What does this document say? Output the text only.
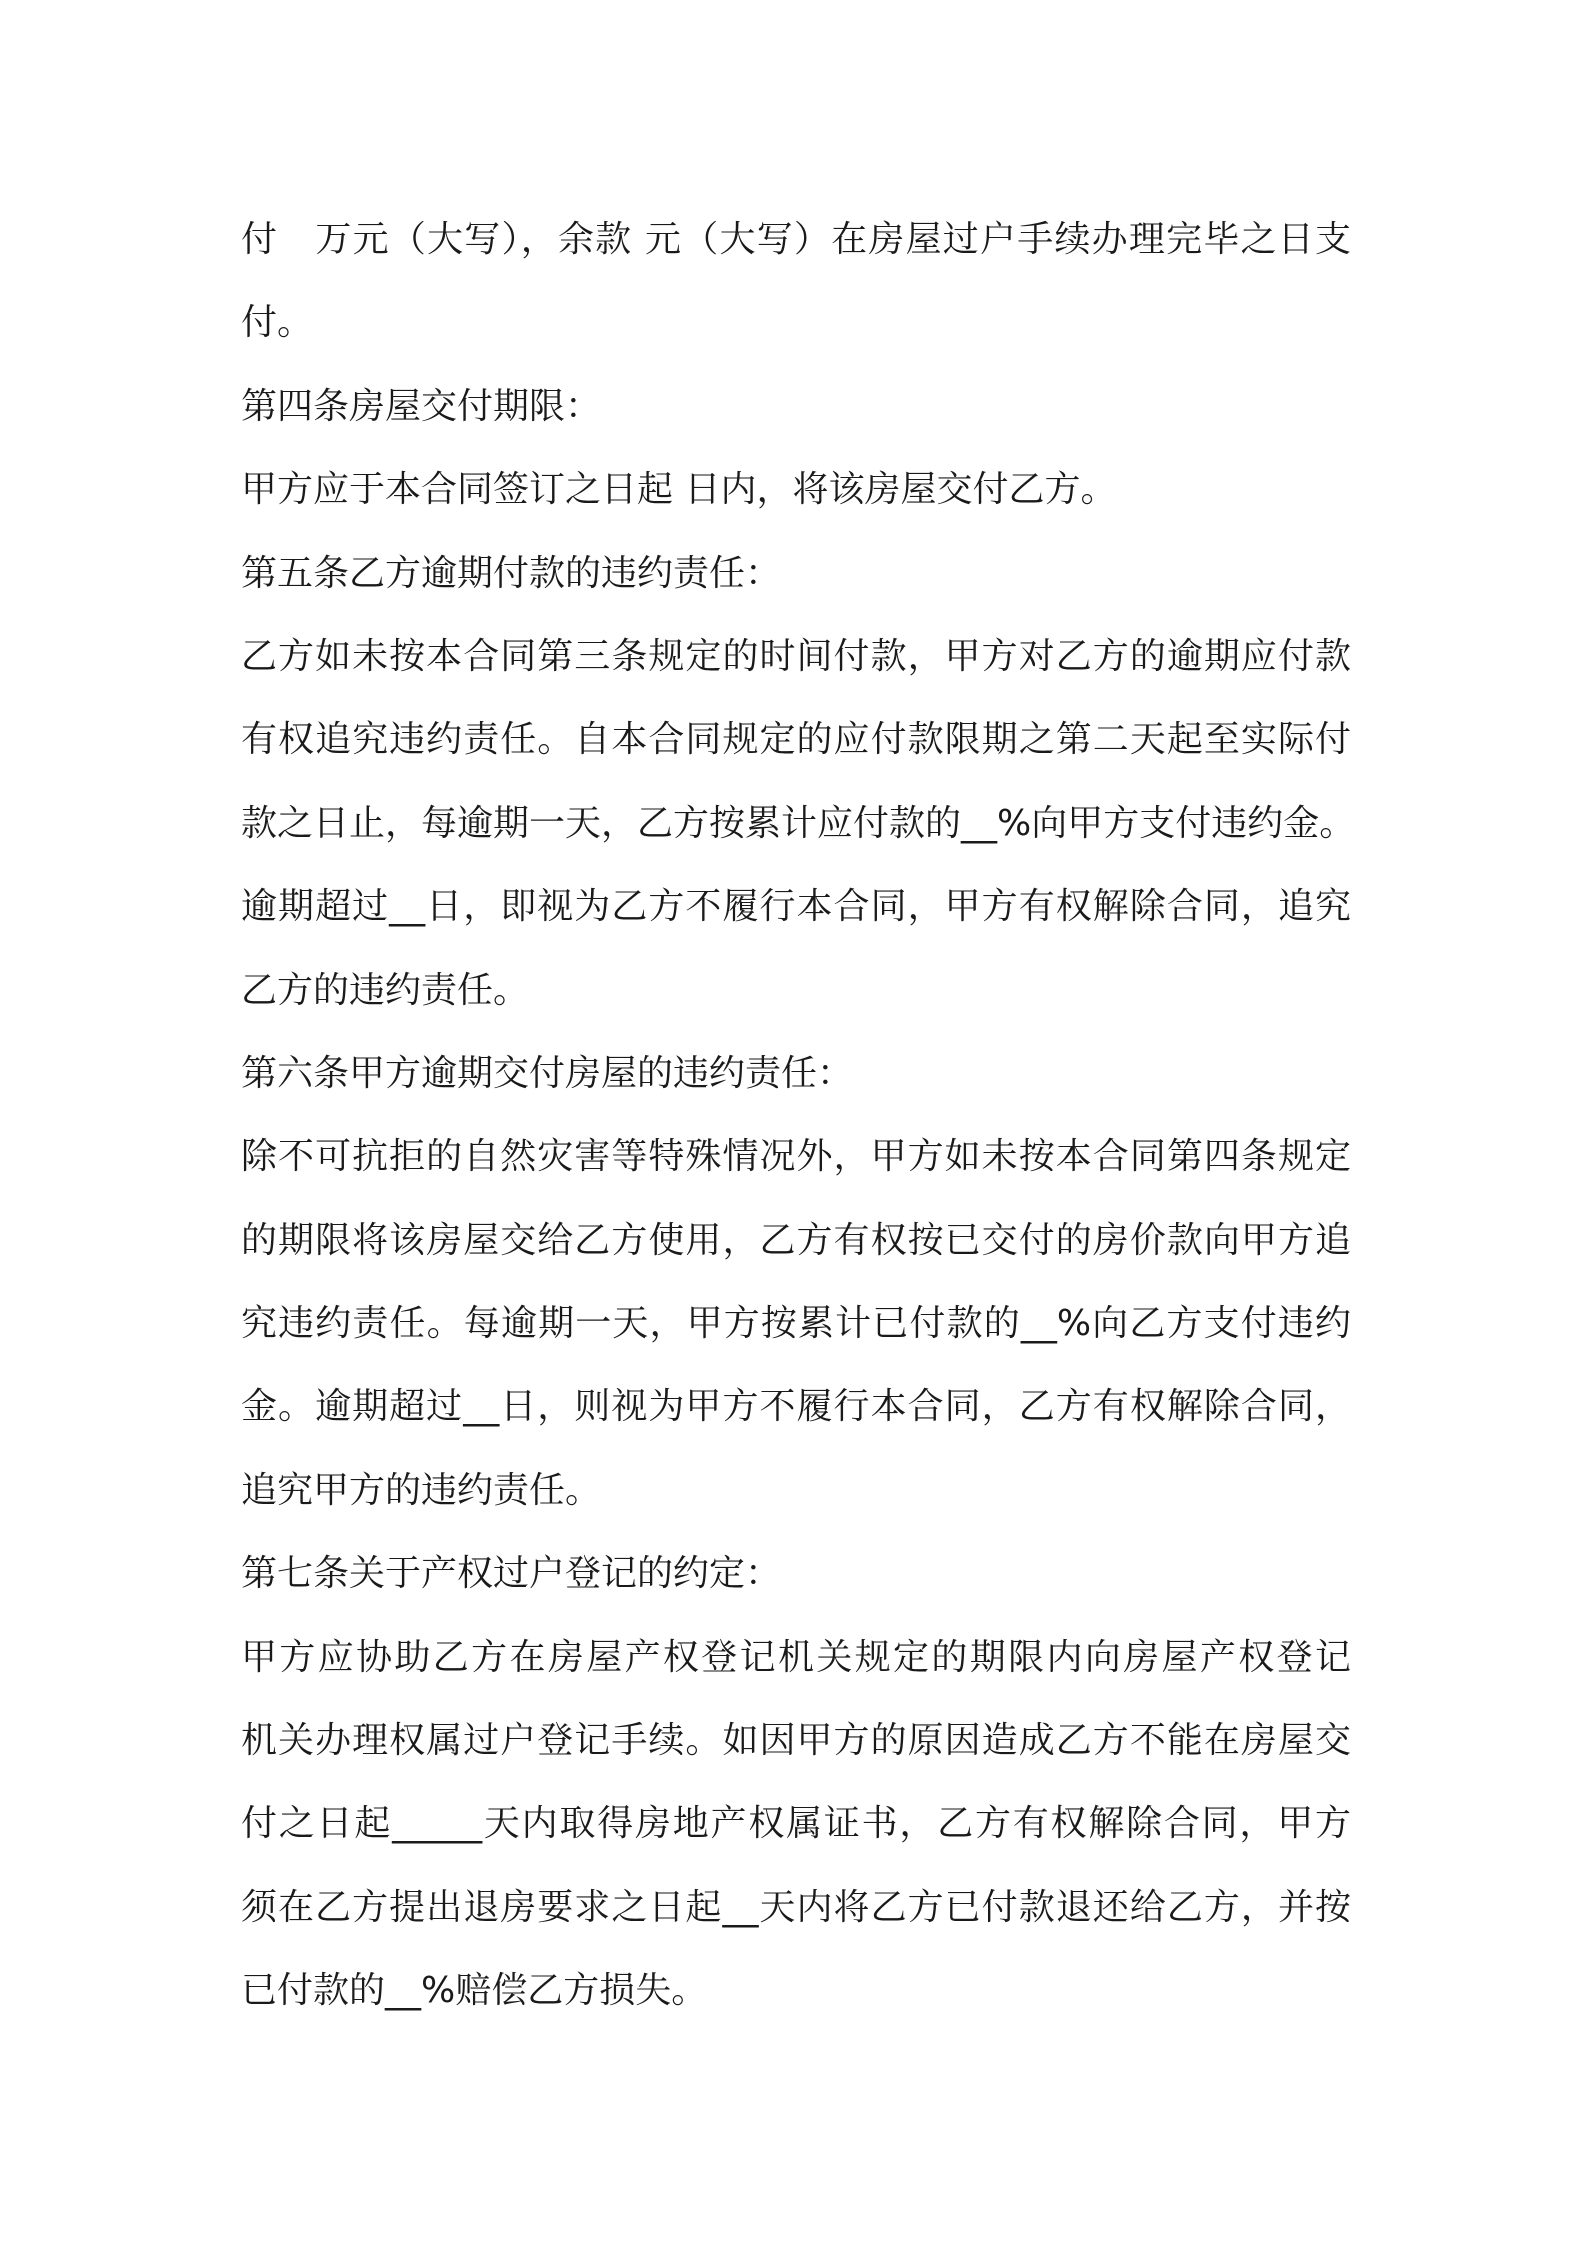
付　万元（大写），余款 元（大写）在房屋过户手续办理完毕之日支
付。
第四条房屋交付期限：
甲方应于本合同签订之日起 日内，将该房屋交付乙方。
第五条乙方逾期付款的违约责任：
乙方如未按本合同第三条规定的时间付款，甲方对乙方的逾期应付款
有权追究违约责任。自本合同规定的应付款限期之第二天起至实际付
款之日止，每逾期一天，乙方按累计应付款的__%向甲方支付违约金。
逾期超过__日，即视为乙方不履行本合同，甲方有权解除合同，追究
乙方的违约责任。
第六条甲方逾期交付房屋的违约责任：
除不可抗拒的自然灾害等特殊情况外，甲方如未按本合同第四条规定
的期限将该房屋交给乙方使用，乙方有权按已交付的房价款向甲方追
究违约责任。每逾期一天，甲方按累计已付款的__%向乙方支付违约
金。逾期超过__日，则视为甲方不履行本合同，乙方有权解除合同，
追究甲方的违约责任。
第七条关于产权过户登记的约定：
甲方应协助乙方在房屋产权登记机关规定的期限内向房屋产权登记
机关办理权属过户登记手续。如因甲方的原因造成乙方不能在房屋交
付之日起_____天内取得房地产权属证书，乙方有权解除合同，甲方
须在乙方提出退房要求之日起__天内将乙方已付款退还给乙方，并按
已付款的__%赔偿乙方损失。
